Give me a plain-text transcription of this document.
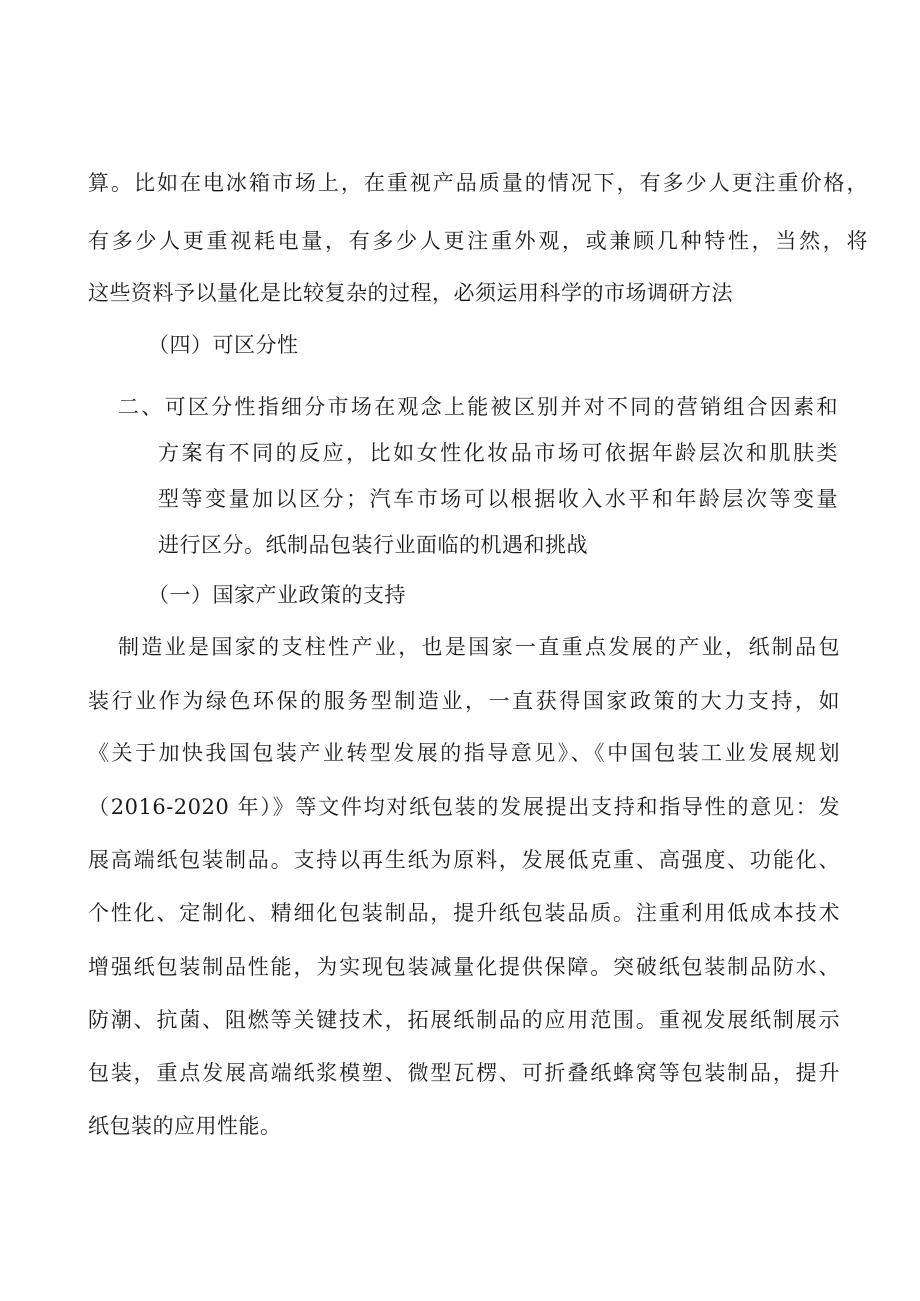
算。比如在电冰箱市场上，在重视产品质量的情况下，有多少人更注重价格，
有多少人更重视耗电量，有多少人更注重外观，或兼顾几种特性，当然，将
这些资料予以量化是比较复杂的过程，必须运用科学的市场调研方法
（四）可区分性
二、可区分性指细分市场在观念上能被区别并对不同的营销组合因素和
方案有不同的反应，比如女性化妆品市场可依据年龄层次和肌肤类
型等变量加以区分；汽车市场可以根据收入水平和年龄层次等变量
进行区分。纸制品包装行业面临的机遇和挑战
（一）国家产业政策的支持
制造业是国家的支柱性产业，也是国家一直重点发展的产业，纸制品包
装行业作为绿色环保的服务型制造业，一直获得国家政策的大力支持，如
《关于加快我国包装产业转型发展的指导意见》、《中国包装工业发展规划
（2016-2020 年）》等文件均对纸包装的发展提出支持和指导性的意见：发
展高端纸包装制品。支持以再生纸为原料，发展低克重、高强度、功能化、
个性化、定制化、精细化包装制品，提升纸包装品质。注重利用低成本技术
增强纸包装制品性能，为实现包装减量化提供保障。突破纸包装制品防水、
防潮、抗菌、阻燃等关键技术，拓展纸制品的应用范围。重视发展纸制展示
包装，重点发展高端纸浆模塑、微型瓦楞、可折叠纸蜂窝等包装制品，提升
纸包装的应用性能。
